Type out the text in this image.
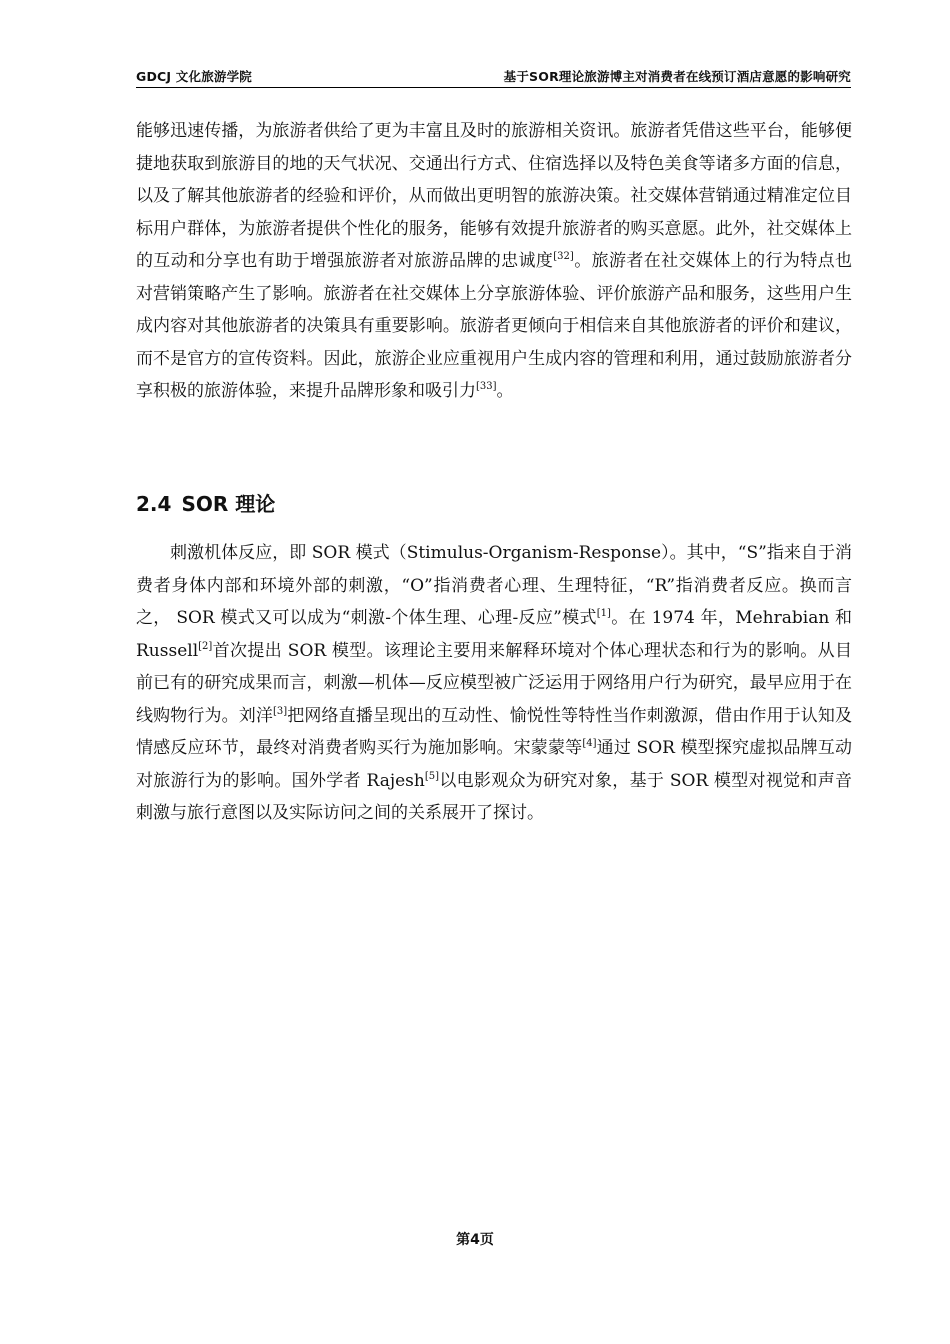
GDCJ 文化旅游学院	基于SOR理论旅游博主对消费者在线预订酒店意愿的影响研究
能够迅速传播，为旅游者供给了更为丰富且及时的旅游相关资讯。旅游者凭借这些平台，能够便捷地获取到旅游目的地的天气状况、交通出行方式、住宿选择以及特色美食等诸多方面的信息，以及了解其他旅游者的经验和评价，从而做出更明智的旅游决策。社交媒体营销通过精准定位目标用户群体，为旅游者提供个性化的服务，能够有效提升旅游者的购买意愿。此外，社交媒体上的互动和分享也有助于增强旅游者对旅游品牌的忠诚度[32]。旅游者在社交媒体上的行为特点也对营销策略产生了影响。旅游者在社交媒体上分享旅游体验、评价旅游产品和服务，这些用户生成内容对其他旅游者的决策具有重要影响。旅游者更倾向于相信来自其他旅游者的评价和建议，而不是官方的宣传资料。因此，旅游企业应重视用户生成内容的管理和利用，通过鼓励旅游者分享积极的旅游体验，来提升品牌形象和吸引力[33]。
2.4 SOR 理论
刺激机体反应，即 SOR 模式（Stimulus-Organism-Response）。其中，“S”指来自于消费者身体内部和环境外部的刺激，“O”指消费者心理、生理特征，“R”指消费者反应。换而言之， SOR 模式又可以成为“刺激-个体生理、心理-反应”模式[1]。在 1974 年，Mehrabian 和 Russell[2]首次提出 SOR 模型。该理论主要用来解释环境对个体心理状态和行为的影响。从目前已有的研究成果而言，刺激—机体—反应模型被广泛运用于网络用户行为研究，最早应用于在线购物行为。刘洋[3]把网络直播呈现出的互动性、愉悦性等特性当作刺激源，借由作用于认知及情感反应环节，最终对消费者购买行为施加影响。宋蒙蒙等[4]通过 SOR 模型探究虚拟品牌互动对旅游行为的影响。国外学者 Rajesh[5]以电影观众为研究对象，基于 SOR 模型对视觉和声音刺激与旅行意图以及实际访问之间的关系展开了探讨。
第4页
